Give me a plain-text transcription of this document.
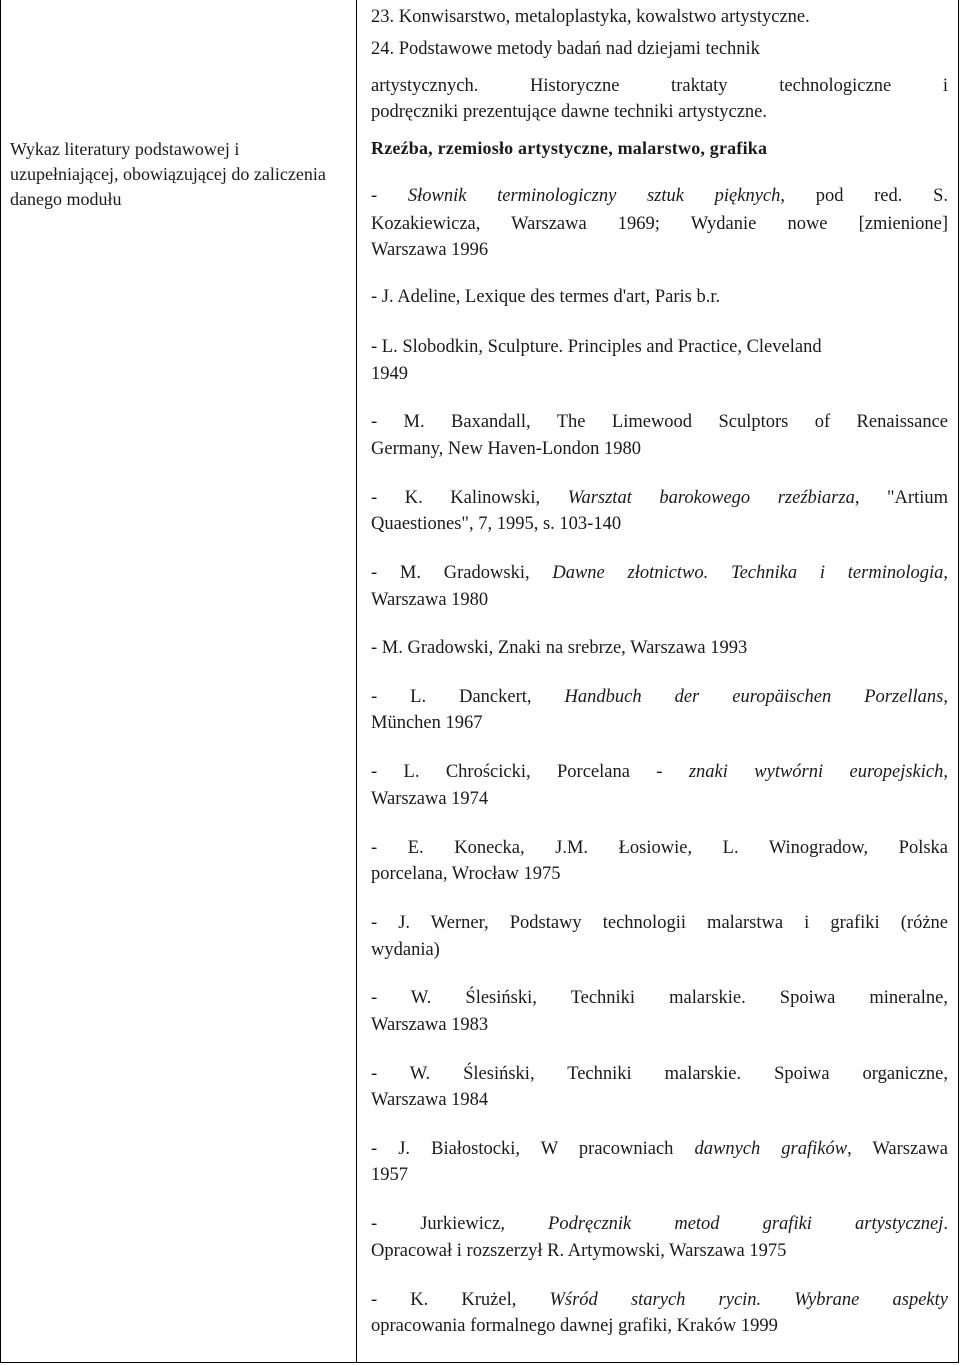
Wykaz literatury podstawowej i uzupełniającej, obowiązującej do zaliczenia danego modułu
23. Konwisarstwo, metaloplastyka, kowalstwo artystyczne.
24. Podstawowe metody badań nad dziejami technik
artystycznych. Historyczne traktaty technologiczne i
podręczniki prezentujące dawne techniki artystyczne.
Rzeźba, rzemiosło artystyczne, malarstwo, grafika
- Słownik terminologiczny sztuk pięknych, pod red. S.
Kozakiewicza, Warszawa 1969; Wydanie nowe [zmienione]
Warszawa 1996
- J. Adeline, Lexique des termes d'art, Paris b.r.
- L. Slobodkin, Sculpture. Principles and Practice, Cleveland
1949
- M. Baxandall, The Limewood Sculptors of Renaissance
Germany, New Haven-London 1980
- K. Kalinowski, Warsztat barokowego rzeźbiarza, "Artium
Quaestiones", 7, 1995, s. 103-140
- M. Gradowski, Dawne złotnictwo. Technika i terminologia,
Warszawa 1980
- M. Gradowski, Znaki na srebrze, Warszawa 1993
- L. Danckert, Handbuch der europäischen Porzellans,
München 1967
- L. Chrościcki, Porcelana - znaki wytwórni europejskich,
Warszawa 1974
- E. Konecka, J.M. Łosiowie, L. Winogradow, Polska
porcelana, Wrocław 1975
- J. Werner, Podstawy technologii malarstwa i grafiki (różne
wydania)
- W. Ślesiński, Techniki malarskie. Spoiwa mineralne,
Warszawa 1983
- W. Ślesiński, Techniki malarskie. Spoiwa organiczne,
Warszawa 1984
- J. Białostocki, W pracowniach dawnych grafików, Warszawa
1957
- Jurkiewicz, Podręcznik metod grafiki artystycznej.
Opracował i rozszerzył R. Artymowski, Warszawa 1975
- K. Krużel, Wśród starych rycin. Wybrane aspekty
opracowania formalnego dawnej grafiki, Kraków 1999
